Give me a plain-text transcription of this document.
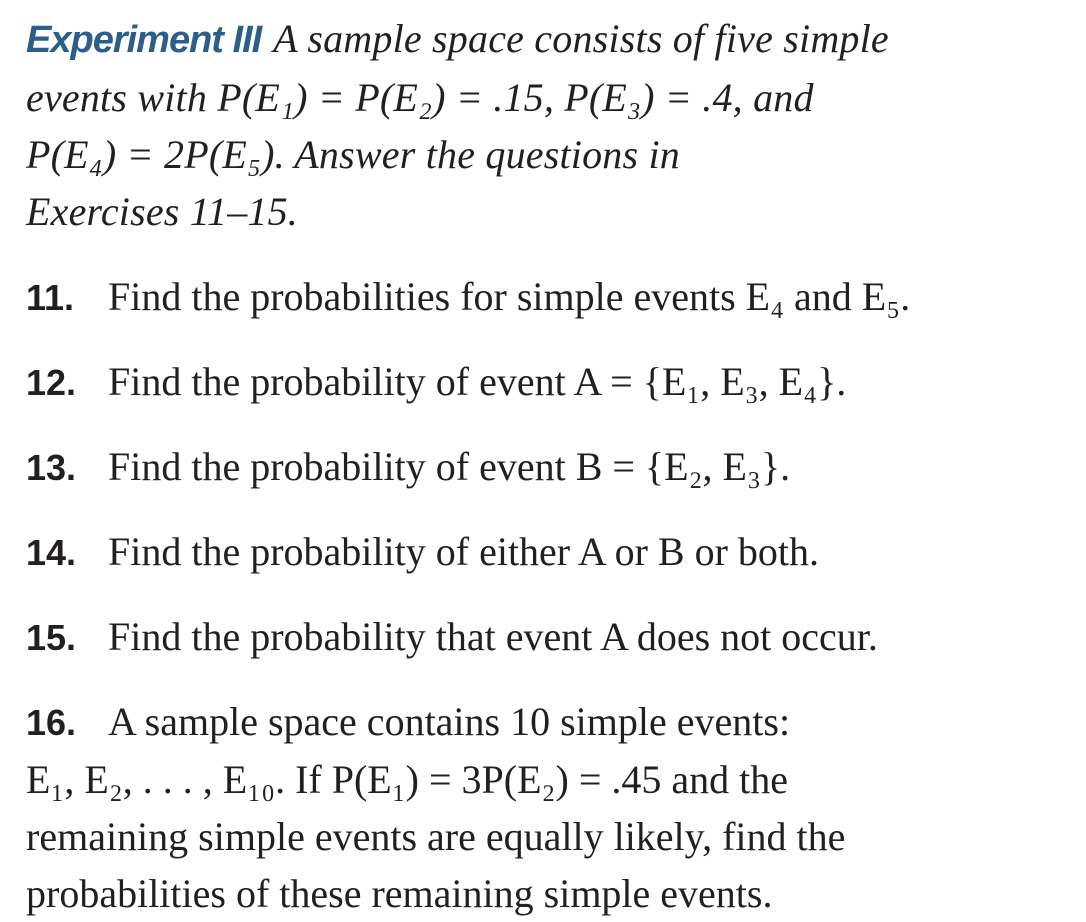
Experiment III A sample space consists of five simple
events with P(E₁) = P(E₂) = .15, P(E₃) = .4, and
P(E₄) = 2P(E₅). Answer the questions in
Exercises 11–15.
11. Find the probabilities for simple events E₄ and E₅.
12. Find the probability of event A = {E₁, E₃, E₄}.
13. Find the probability of event B = {E₂, E₃}.
14. Find the probability of either A or B or both.
15. Find the probability that event A does not occur.
16. A sample space contains 10 simple events:
E₁, E₂, . . . , E₁₀. If P(E₁) = 3P(E₂) = .45 and the
remaining simple events are equally likely, find the
probabilities of these remaining simple events.
